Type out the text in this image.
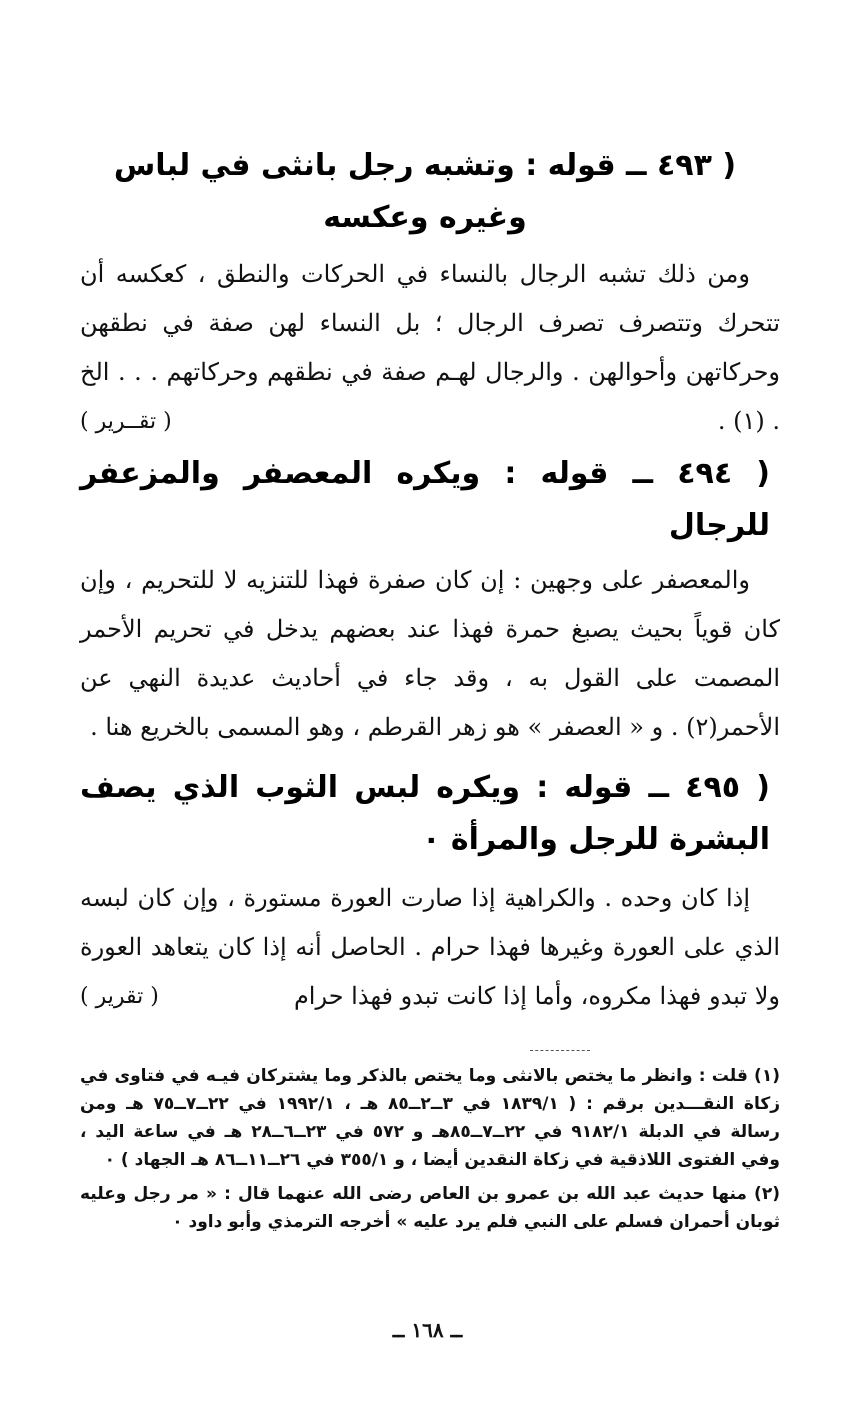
( ٤٩٣ ــ قوله : وتشبه رجل بانثى في لباس وغيره وعكسه

ومن ذلك تشبه الرجال بالنساء في الحركات والنطق ، كعكسه أن تتحرك وتتصرف تصرف الرجال ؛ بل النساء لهن صفة في نطقهن وحركاتهن وأحوالهن . والرجال لهـم صفة في نطقهم وحركاتهم . . . الخ . (١) .
( تقــرير )

( ٤٩٤ ــ قوله : ويكره المعصفر والمزعفر للرجال

والمعصفر على وجهين : إن كان صفرة فهذا للتنزيه لا للتحريم ، وإن كان قوياً بحيث يصبغ حمرة فهذا عند بعضهم يدخل في تحريم الأحمر المصمت على القول به ، وقد جاء في أحاديث عديدة النهي عن الأحمر(٢) . و « العصفر » هو زهر القرطم ، وهو المسمى بالخريع هنا .

( ٤٩٥ ــ قوله : ويكره لبس الثوب الذي يصف البشرة للرجل والمرأة ٠

إذا كان وحده . والكراهية إذا صارت العورة مستورة ، وإن كان لبسه الذي على العورة وغيرها فهذا حرام . الحاصل أنه إذا كان يتعاهد العورة ولا تبدو فهذا مكروه، وأما إذا كانت تبدو فهذا حرام
( تقرير )

(١) قلت : وانظر ما يختص بالانثى وما يختص بالذكر وما يشتركان فيـه في فتاوى في زكاة النقـــدين برقم : ( ١٨٣٩/١ في ٣ــ٢ــ٨٥ هـ ، ١٩٩٢/١ في ٢٢ــ٧ــ٧٥ هـ ومن رسالة في الدبلة ٩١٨٢/١ في ٢٢ــ٧ــ٨٥هـ و ٥٧٢ في ٢٣ــ٦ــ٢٨ هـ في ساعة اليد ، وفي الفتوى اللاذقية في زكاة النقدين أيضا ، و ٣٥٥/١ في ٢٦ــ١١ــ٨٦ هـ الجهاد ) ٠

(٢) منها حديث عبد الله بن عمرو بن العاص رضى الله عنهما قال : « مر رجل وعليه ثوبان أحمران فسلم على النبي فلم يرد عليه » أخرجه الترمذي وأبو داود ٠

ــ ١٦٨ ــ
